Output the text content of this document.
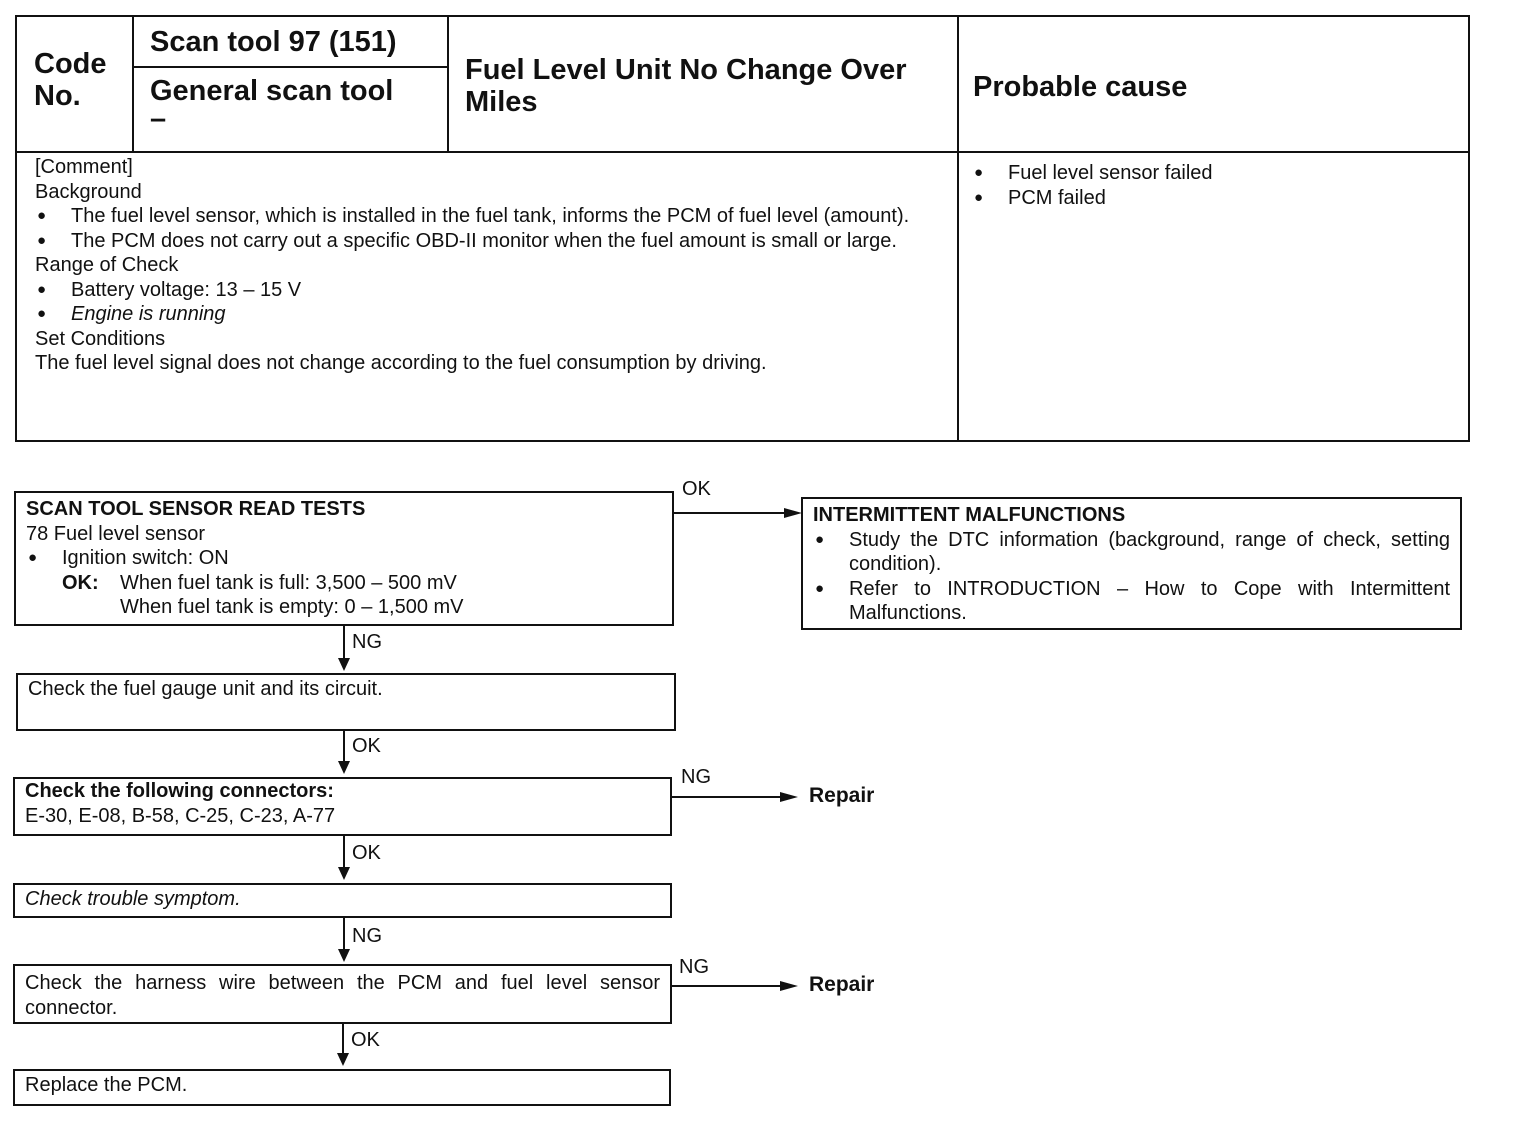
Code No.
Scan tool 97 (151)
General scan tool
–
Fuel Level Unit No Change Over Miles	Probable cause
[Comment]
Background
● The fuel level sensor, which is installed in the fuel tank, informs the PCM of fuel level (amount).
● The PCM does not carry out a specific OBD-II monitor when the fuel amount is small or large.
Range of Check
● Battery voltage: 13 – 15 V
● Engine is running
Set Conditions
The fuel level signal does not change according to the fuel consumption by driving.
● Fuel level sensor failed
● PCM failed
SCAN TOOL SENSOR READ TESTS
78 Fuel level sensor
● Ignition switch: ON
OK:	When fuel tank is full: 3,500 – 500 mV
When fuel tank is empty: 0 – 1,500 mV
OK
INTERMITTENT MALFUNCTIONS
● Study the DTC information (background, range of check, setting condition).
● Refer to INTRODUCTION – How to Cope with Intermittent Malfunctions.
NG
Check the fuel gauge unit and its circuit.
OK
Check the following connectors:
E-30, E-08, B-58, C-25, C-23, A-77
NG
Repair
OK
Check trouble symptom.
NG
Check the harness wire between the PCM and fuel level sensor connector.
NG
Repair
OK
Replace the PCM.
